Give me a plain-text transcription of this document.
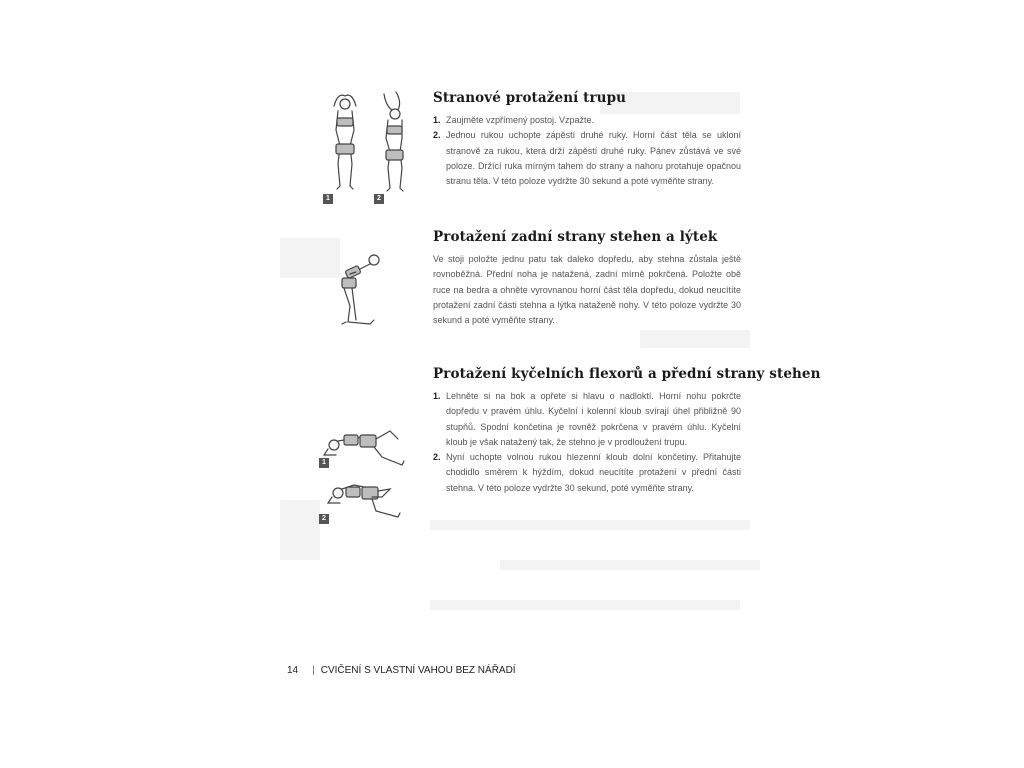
1	2
Stranové protažení trupu
1. Zaujměte vzpřímený postoj. Vzpažte.
2. Jednou rukou uchopte zápěstí druhé ruky. Horní část těla se ukloní stranově za rukou, která drží zápěstí druhé ruky. Pánev zůstává ve své poloze. Držící ruka mírným tahem do strany a nahoru protahuje opačnou stranu těla. V této poloze vydržte 30 sekund a poté vyměňte strany.
Protažení zadní strany stehen a lýtek

Ve stoji položte jednu patu tak daleko dopředu, aby stehna zůstala ještě rovnoběžná. Přední noha je natažená, zadní mírně pokrčená. Položte obě ruce na bedra a ohněte vyrovnanou horní část těla dopředu, dokud neucítíte protažení zadní části stehna a lýtka nataženě nohy. V této poloze vydržte 30 sekund a poté vyměňte strany.

1
2
Protažení kyčelních flexorů a přední strany stehen
1. Lehněte si na bok a opřete si hlavu o nadloktí. Horní nohu pokrčte dopředu v pravém úhlu. Kyčelní i kolenní kloub svírají úhel přibližně 90 stupňů. Spodní končetina je rovněž pokrčena v pravém úhlu. Kyčelní kloub je však natažený tak, že stehno je v prodloužení trupu.
2. Nyní uchopte volnou rukou hlezenní kloub dolní končetiny. Přitahujte chodidlo směrem k hýždím, dokud neucítíte protažení v přední části stehna. V této poloze vydržte 30 sekund, poté vyměňte strany.
14 | CVIČENÍ S VLASTNÍ VAHOU BEZ NÁŘADÍ
